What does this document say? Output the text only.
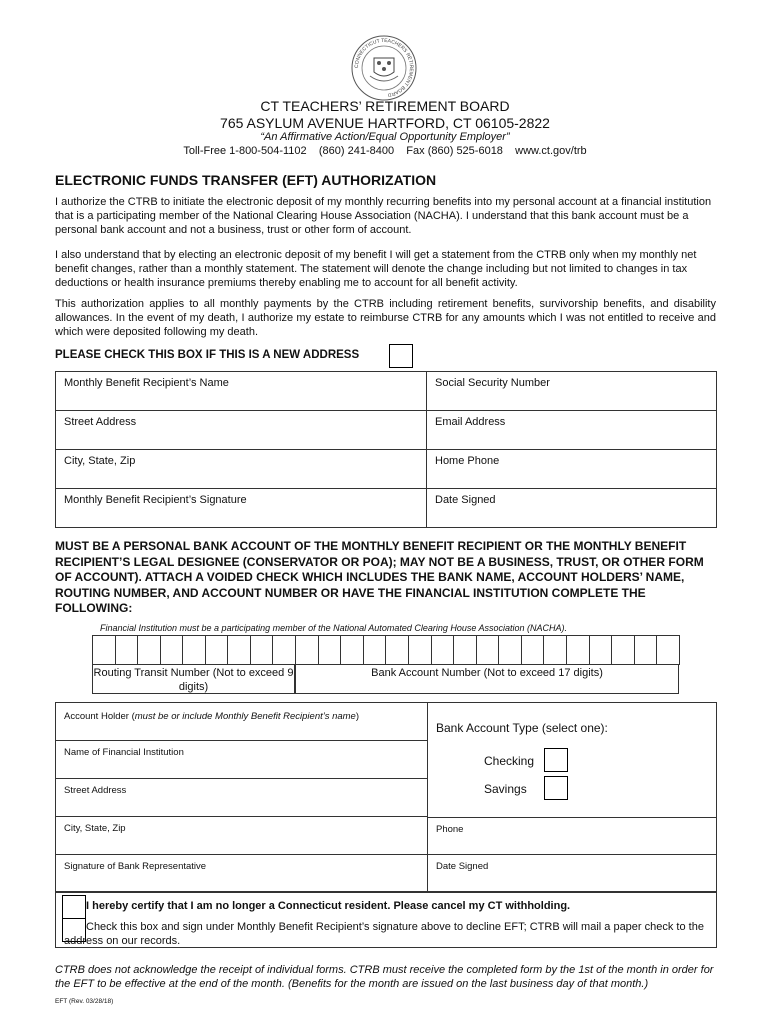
CONNECTICUT TEACHERS RETIREMENT BOARD
CT TEACHERS’ RETIREMENT BOARD
765 ASYLUM AVENUE HARTFORD, CT 06105-2822
“An Affirmative Action/Equal Opportunity Employer”
Toll-Free 1-800-504-1102    (860) 241-8400    Fax (860) 525-6018    www.ct.gov/trb
ELECTRONIC FUNDS TRANSFER (EFT) AUTHORIZATION

I authorize the CTRB to initiate the electronic deposit of my monthly recurring benefits into my personal account at a financial institution that is a participating member of the National Clearing House Association (NACHA). I understand that this bank account must be a personal bank account and not a business, trust or other form of account.

I also understand that by electing an electronic deposit of my benefit I will get a statement from the CTRB only when my monthly net benefit changes, rather than a monthly statement. The statement will denote the change including but not limited to changes in tax deductions or health insurance premiums thereby enabling me to account for all benefit activity.

This authorization applies to all monthly payments by the CTRB including retirement benefits, survivorship benefits, and disability allowances. In the event of my death, I authorize my estate to reimburse CTRB for any amounts which I was not entitled to receive and which were deposited following my death.

PLEASE CHECK THIS BOX IF THIS IS A NEW ADDRESS
Monthly Benefit Recipient’s Name	Social Security Number
Street Address	Email Address
City, State, Zip	Home Phone
Monthly Benefit Recipient’s Signature	Date Signed

MUST BE A PERSONAL BANK ACCOUNT OF THE MONTHLY BENEFIT RECIPIENT OR THE MONTHLY BENEFIT RECIPIENT’S LEGAL DESIGNEE (CONSERVATOR OR POA); MAY NOT BE A BUSINESS, TRUST, OR OTHER FORM OF ACCOUNT). ATTACH A VOIDED CHECK WHICH INCLUDES THE BANK NAME, ACCOUNT HOLDERS’ NAME, ROUTING NUMBER, AND ACCOUNT NUMBER OR HAVE THE FINANCIAL INSTITUTION COMPLETE THE FOLLOWING:

Financial Institution must be a participating member of the National Automated Clearing House Association (NACHA).
Routing Transit Number (Not to exceed 9 digits)
Bank Account Number (Not to exceed 17 digits)
Account Holder (must be or include Monthly Benefit Recipient’s name)
Name of Financial Institution
Street Address
City, State, Zip
Signature of Bank Representative
Bank Account Type (select one):
Checking
Savings
Phone
Date Signed
I hereby certify that I am no longer a Connecticut resident. Please cancel my CT withholding.
Check this box and sign under Monthly Benefit Recipient’s signature above to decline EFT; CTRB will mail a paper check to the address on our records.

CTRB does not acknowledge the receipt of individual forms. CTRB must receive the completed form by the 1st of the month in order for the EFT to be effective at the end of the month. (Benefits for the month are issued on the last business day of that month.)

EFT (Rev. 03/28/18)
